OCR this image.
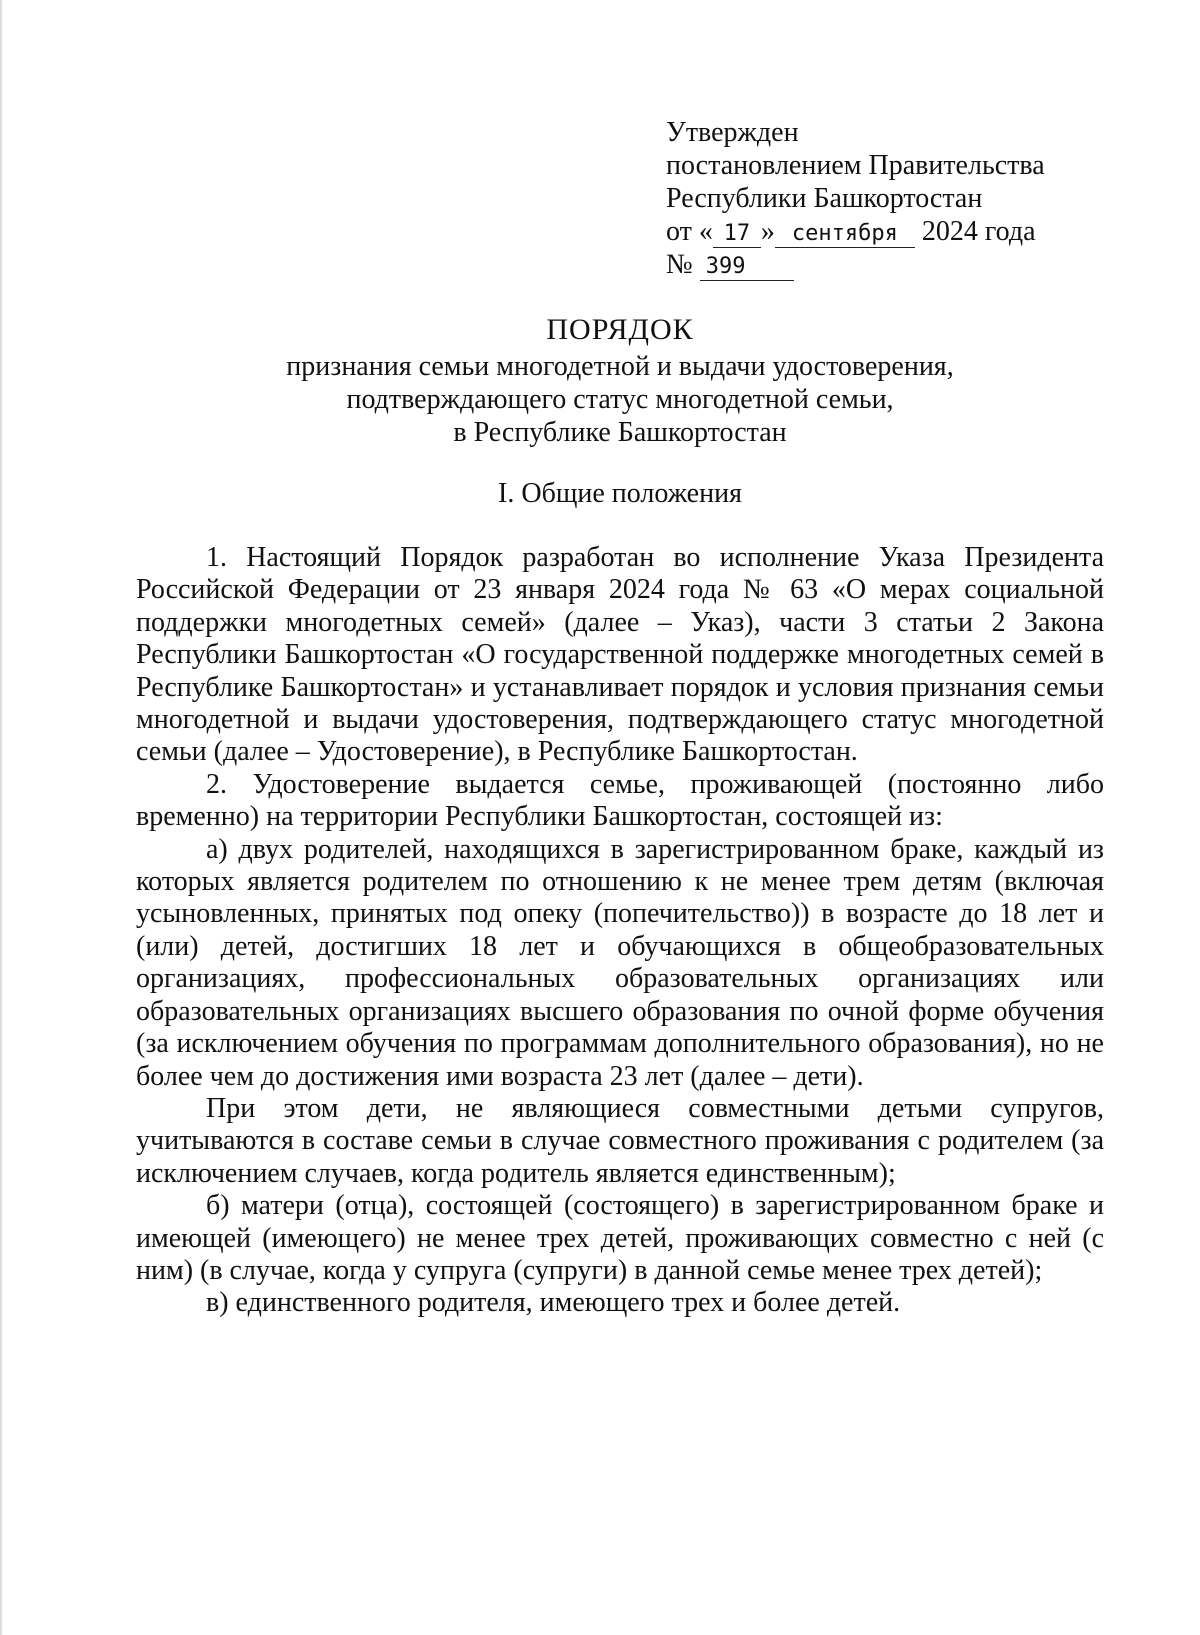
Утвержден
постановлением Правительства
Республики Башкортостан
от « 17 » сентября 2024 года
№ 399
ПОРЯДОК
признания семьи многодетной и выдачи удостоверения,
подтверждающего статус многодетной семьи,
в Республике Башкортостан
I. Общие положения

1. Настоящий Порядок разработан во исполнение Указа Президента Российской Федерации от 23 января 2024 года № 63 «О мерах социальной поддержки многодетных семей» (далее – Указ), части 3 статьи 2 Закона Республики Башкортостан «О государственной поддержке многодетных семей в Республике Башкортостан» и устанавливает порядок и условия признания семьи многодетной и выдачи удостоверения, подтверждающего статус многодетной семьи (далее – Удостоверение), в Республике Башкортостан.

2. Удостоверение выдается семье, проживающей (постоянно либо временно) на территории Республики Башкортостан, состоящей из:

а) двух родителей, находящихся в зарегистрированном браке, каждый из которых является родителем по отношению к не менее трем детям (включая усыновленных, принятых под опеку (попечительство)) в возрасте до 18 лет и (или) детей, достигших 18 лет и обучающихся в общеобразовательных организациях, профессиональных образовательных организациях или образовательных организациях высшего образования по очной форме обучения (за исключением обучения по программам дополнительного образования), но не более чем до достижения ими возраста 23 лет (далее – дети).

При этом дети, не являющиеся совместными детьми супругов, учитываются в составе семьи в случае совместного проживания с родителем (за исключением случаев, когда родитель является единственным);

б) матери (отца), состоящей (состоящего) в зарегистрированном браке и имеющей (имеющего) не менее трех детей, проживающих совместно с ней (с ним) (в случае, когда у супруга (супруги) в данной семье менее трех детей);

в) единственного родителя, имеющего трех и более детей.
